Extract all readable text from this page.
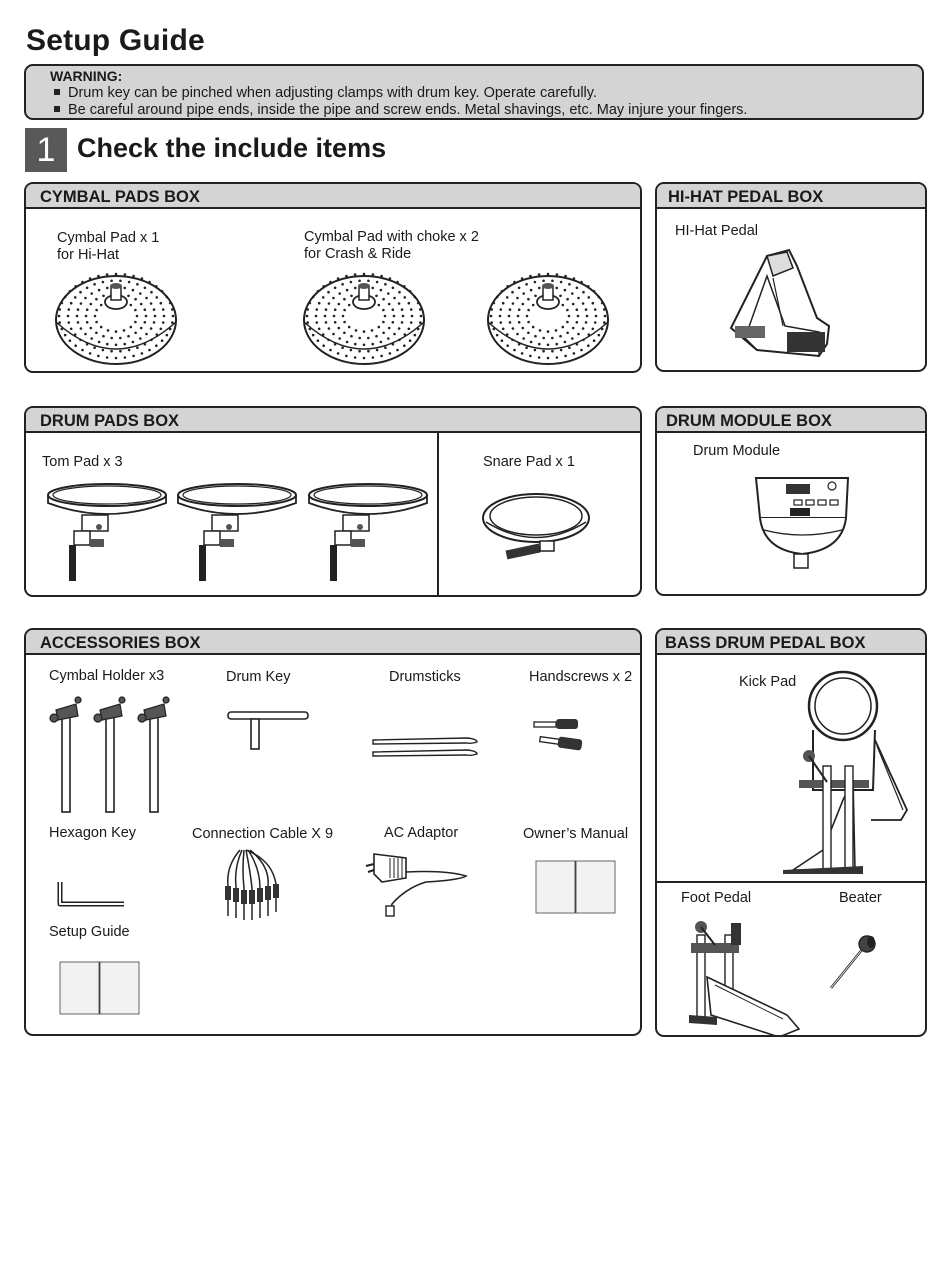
Setup Guide
WARNING:
Drum key can be pinched when adjusting clamps with drum key. Operate carefully.
Be careful around pipe ends, inside the pipe and screw ends. Metal shavings, etc. May injure your fingers.
1 Check the include items
CYMBAL PADS BOX
Cymbal Pad x 1
for Hi-Hat
Cymbal Pad with choke x 2
for Crash & Ride
HI-HAT PEDAL BOX
HI-Hat Pedal
DRUM PADS BOX
Tom Pad x 3	Snare Pad x 1
DRUM MODULE BOX
Drum Module
ACCESSORIES BOX
Cymbal Holder x3	Drum Key	Drumsticks	Handscrews x 2
Hexagon Key	Connection Cable X 9	AC Adaptor	Owner’s Manual
Setup Guide
BASS DRUM PEDAL BOX
Kick Pad
Foot Pedal	Beater
